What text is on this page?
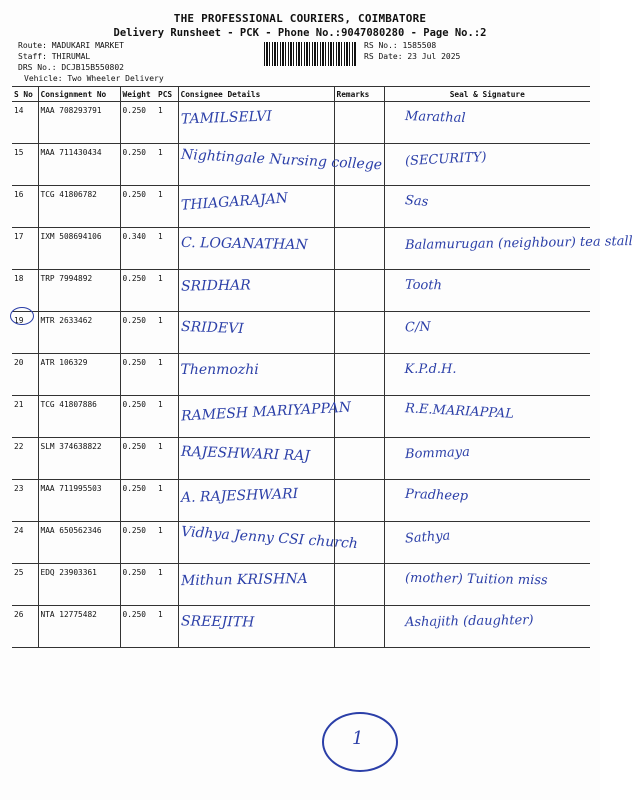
THE PROFESSIONAL COURIERS, COIMBATORE
Delivery Runsheet - PCK - Phone No.:9047080280 - Page No.:2
Route: MADUKARI MARKET
Staff: THIRUMAL
DRS No.: DCJB15B550802
Vehicle: Two Wheeler Delivery
RS No.: 1585508
RS Date: 23 Jul 2025
S No	Consignment No	Weight	PCS	Consignee Details	Remarks	Seal & Signature
14	MAA 708293791	0.250	1	TAMILSELVI		Marathal
15	MAA 711430434	0.250	1	Nightingale Nursing college		(SECURITY)
16	TCG 41806782	0.250	1	THIAGARAJAN		Sas
17	IXM 508694106	0.340	1	C. LOGANATHAN		Balamurugan (neighbour) tea stall
18	TRP 7994892	0.250	1	SRIDHAR		Tooth
19	MTR 2633462	0.250	1	SRIDEVI		C/N
20	ATR 106329	0.250	1	Thenmozhi		K.P.d.H.
21	TCG 41807886	0.250	1	RAMESH MARIYAPPAN		R.E.MARIAPPAL
22	SLM 374638822	0.250	1	RAJESHWARI RAJ		Bommaya
23	MAA 711995503	0.250	1	A. RAJESHWARI		Pradheep
24	MAA 650562346	0.250	1	Vidhya Jenny CSI church		Sathya
25	EDQ 23903361	0.250	1	Mithun KRISHNA		(mother) Tuition miss
26	NTA 12775482	0.250	1	SREEJITH		Ashajith (daughter)
1
